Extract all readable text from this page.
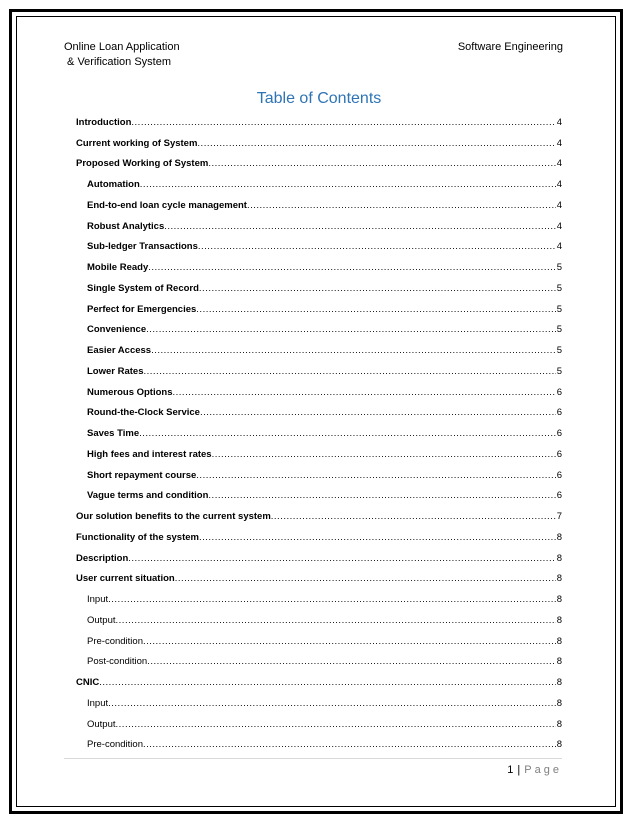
Online Loan Application
& Verification System
Software Engineering
Table of Contents
Introduction .....	4
Current working of System .....	4
Proposed Working of System .....	4
Automation .....	4
End-to-end loan cycle management .....	4
Robust Analytics .....	4
Sub-ledger Transactions .....	4
Mobile Ready .....	5
Single System of Record .....	5
Perfect for Emergencies .....	5
Convenience .....	5
Easier Access .....	5
Lower Rates .....	5
Numerous Options .....	6
Round-the-Clock Service .....	6
Saves Time .....	6
High fees and interest rates .....	6
Short repayment course .....	6
Vague terms and condition .....	6
Our solution benefits to the current system .....	7
Functionality of the system .....	8
Description .....	8
User current situation .....	8
Input .....	8
Output .....	8
Pre-condition .....	8
Post-condition .....	8
CNIC .....	8
Input .....	8
Output .....	8
Pre-condition .....	8
1 | Page
